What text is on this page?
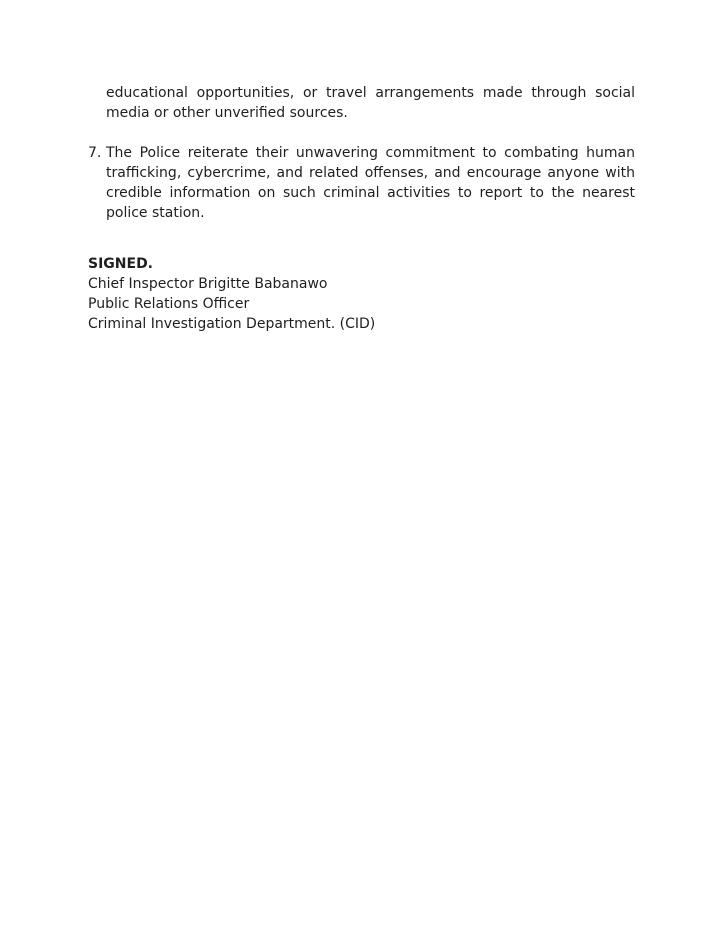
educational opportunities, or travel arrangements made through social media or other unverified sources.

7. The Police reiterate their unwavering commitment to combating human trafficking, cybercrime, and related offenses, and encourage anyone with credible information on such criminal activities to report to the nearest police station.

SIGNED.

Chief Inspector Brigitte Babanawo

Public Relations Officer

Criminal Investigation Department. (CID)
